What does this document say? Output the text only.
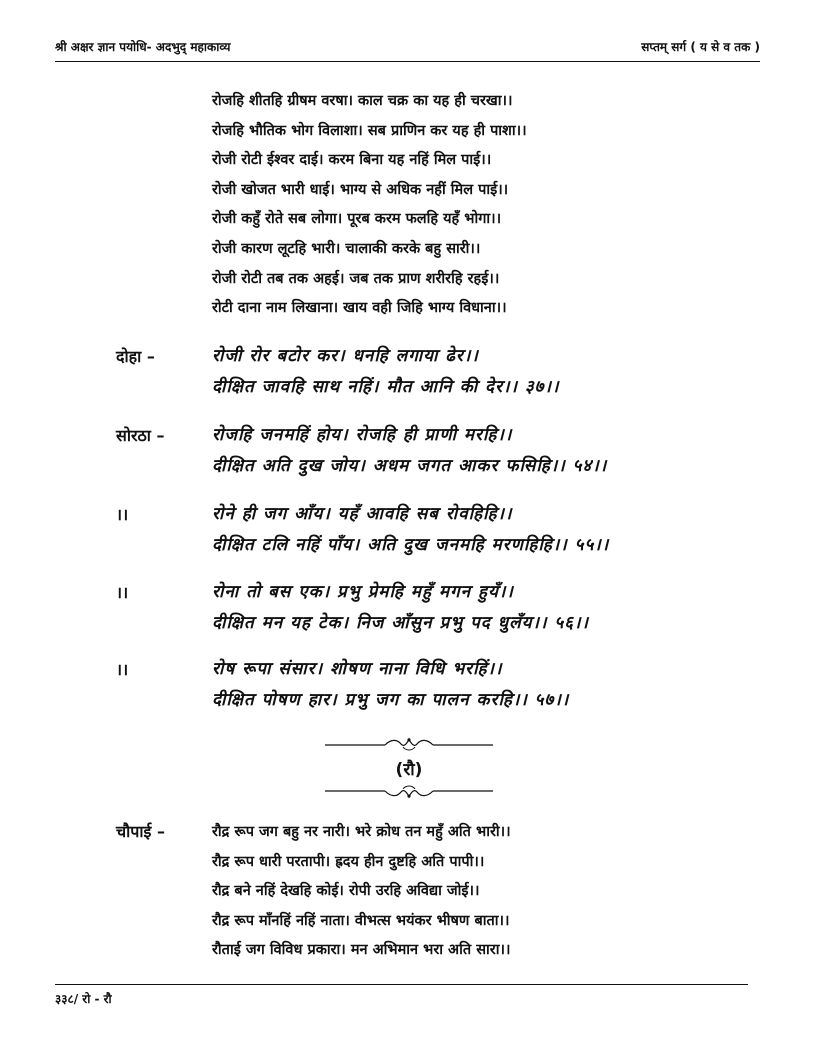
श्री अक्षर ज्ञान पयोधि- अदभुद् महाकाव्य	सप्तम् सर्ग ( य से व तक )
रोजहि शीतहि ग्रीषम वरषा। काल चक्र का यह ही चरखा।।
रोजहि भौतिक भोग विलाशा। सब प्राणिन कर यह ही पाशा।।
रोजी रोटी ईश्वर दाई। करम बिना यह नहिं मिल पाई।।
रोजी खोजत भारी धाई। भाग्य से अधिक नहीं मिल पाई।।
रोजी कहुँ रोते सब लोगा। पूरब करम फलहि यहँ भोगा।।
रोजी कारण लूटहि भारी। चालाकी करके बहु सारी।।
रोजी रोटी तब तक अहई। जब तक प्राण शरीरहि रहई।।
रोटी दाना नाम लिखाना। खाय वही जिहि भाग्य विधाना।।
दोहा –	रोजी रोर बटोर कर। धनहि लगाया ढेर।।
दीक्षित जावहि साथ नहिं। मौत आनि की देर।। ३७।।
सोरठा –	रोजहि जनमहिं होय। रोजहि ही प्राणी मरहि।।
दीक्षित अति दुख जोय। अधम जगत आकर फसिहि।। ५४।।
।।	रोने ही जग आँय। यहँ आवहि सब रोवहिहि।।
दीक्षित टलि नहिं पाँय। अति दुख जनमहि मरणहिहि।। ५५।।
।।	रोना तो बस एक। प्रभु प्रेमहि महुँ मगन हुयँ।।
दीक्षित मन यह टेक। निज आँसुन प्रभु पद धुलँय।। ५६।।
।।	रोष रूपा संसार। शोषण नाना विधि भरहिं।।
दीक्षित पोषण हार। प्रभु जग का पालन करहि।। ५७।।
(रौ)
चौपाई –	रौद्र रूप जग बहु नर नारी। भरे क्रोध तन महुँ अति भारी।।
रौद्र रूप धारी परतापी। ह्रदय हीन दुष्टहि अति पापी।।
रौद्र बने नहिं देखहि कोई। रोपी उरहि अविद्या जोई।।
रौद्र रूप माँनहिं नहिं नाता। वीभत्स भयंकर भीषण बाता।।
रौताई जग विविध प्रकारा। मन अभिमान भरा अति सारा।।
३३८/ रो - रौ
